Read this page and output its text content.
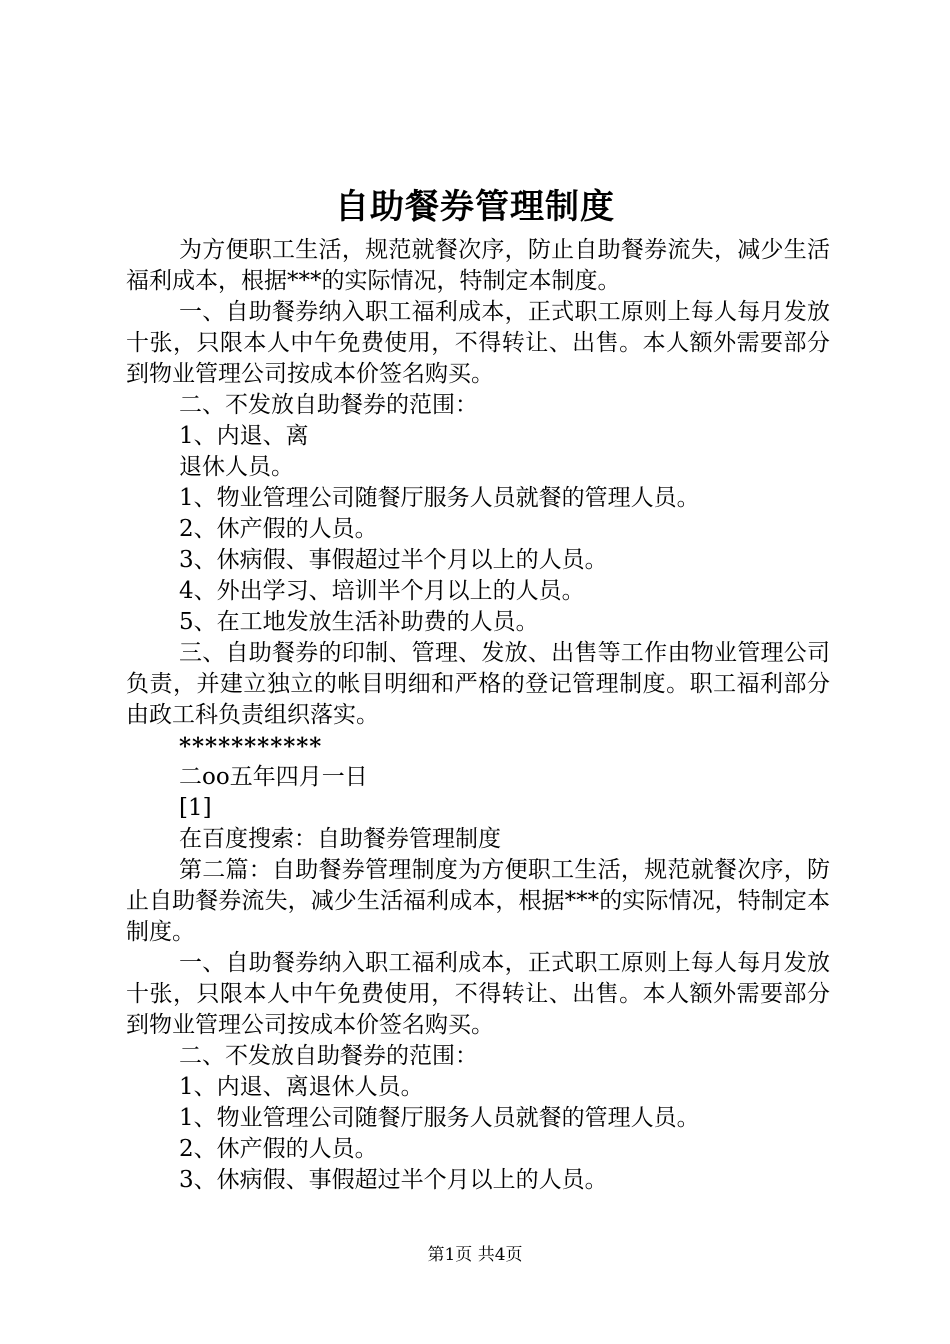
自助餐券管理制度

为方便职工生活，规范就餐次序，防止自助餐券流失，减少生活福利成本，根据***的实际情况，特制定本制度。

一、自助餐券纳入职工福利成本，正式职工原则上每人每月发放十张，只限本人中午免费使用，不得转让、出售。本人额外需要部分到物业管理公司按成本价签名购买。

二、不发放自助餐券的范围：

1、内退、离

退休人员。

1、物业管理公司随餐厅服务人员就餐的管理人员。

2、休产假的人员。

3、休病假、事假超过半个月以上的人员。

4、外出学习、培训半个月以上的人员。

5、在工地发放生活补助费的人员。

三、自助餐券的印制、管理、发放、出售等工作由物业管理公司负责，并建立独立的帐目明细和严格的登记管理制度。职工福利部分由政工科负责组织落实。

***********

二oo五年四月一日

[1]

在百度搜索：自助餐券管理制度

第二篇：自助餐券管理制度为方便职工生活，规范就餐次序，防止自助餐券流失，减少生活福利成本，根据***的实际情况，特制定本制度。

一、自助餐券纳入职工福利成本，正式职工原则上每人每月发放十张，只限本人中午免费使用，不得转让、出售。本人额外需要部分到物业管理公司按成本价签名购买。

二、不发放自助餐券的范围：

1、内退、离退休人员。

1、物业管理公司随餐厅服务人员就餐的管理人员。

2、休产假的人员。

3、休病假、事假超过半个月以上的人员。

第1页 共4页
